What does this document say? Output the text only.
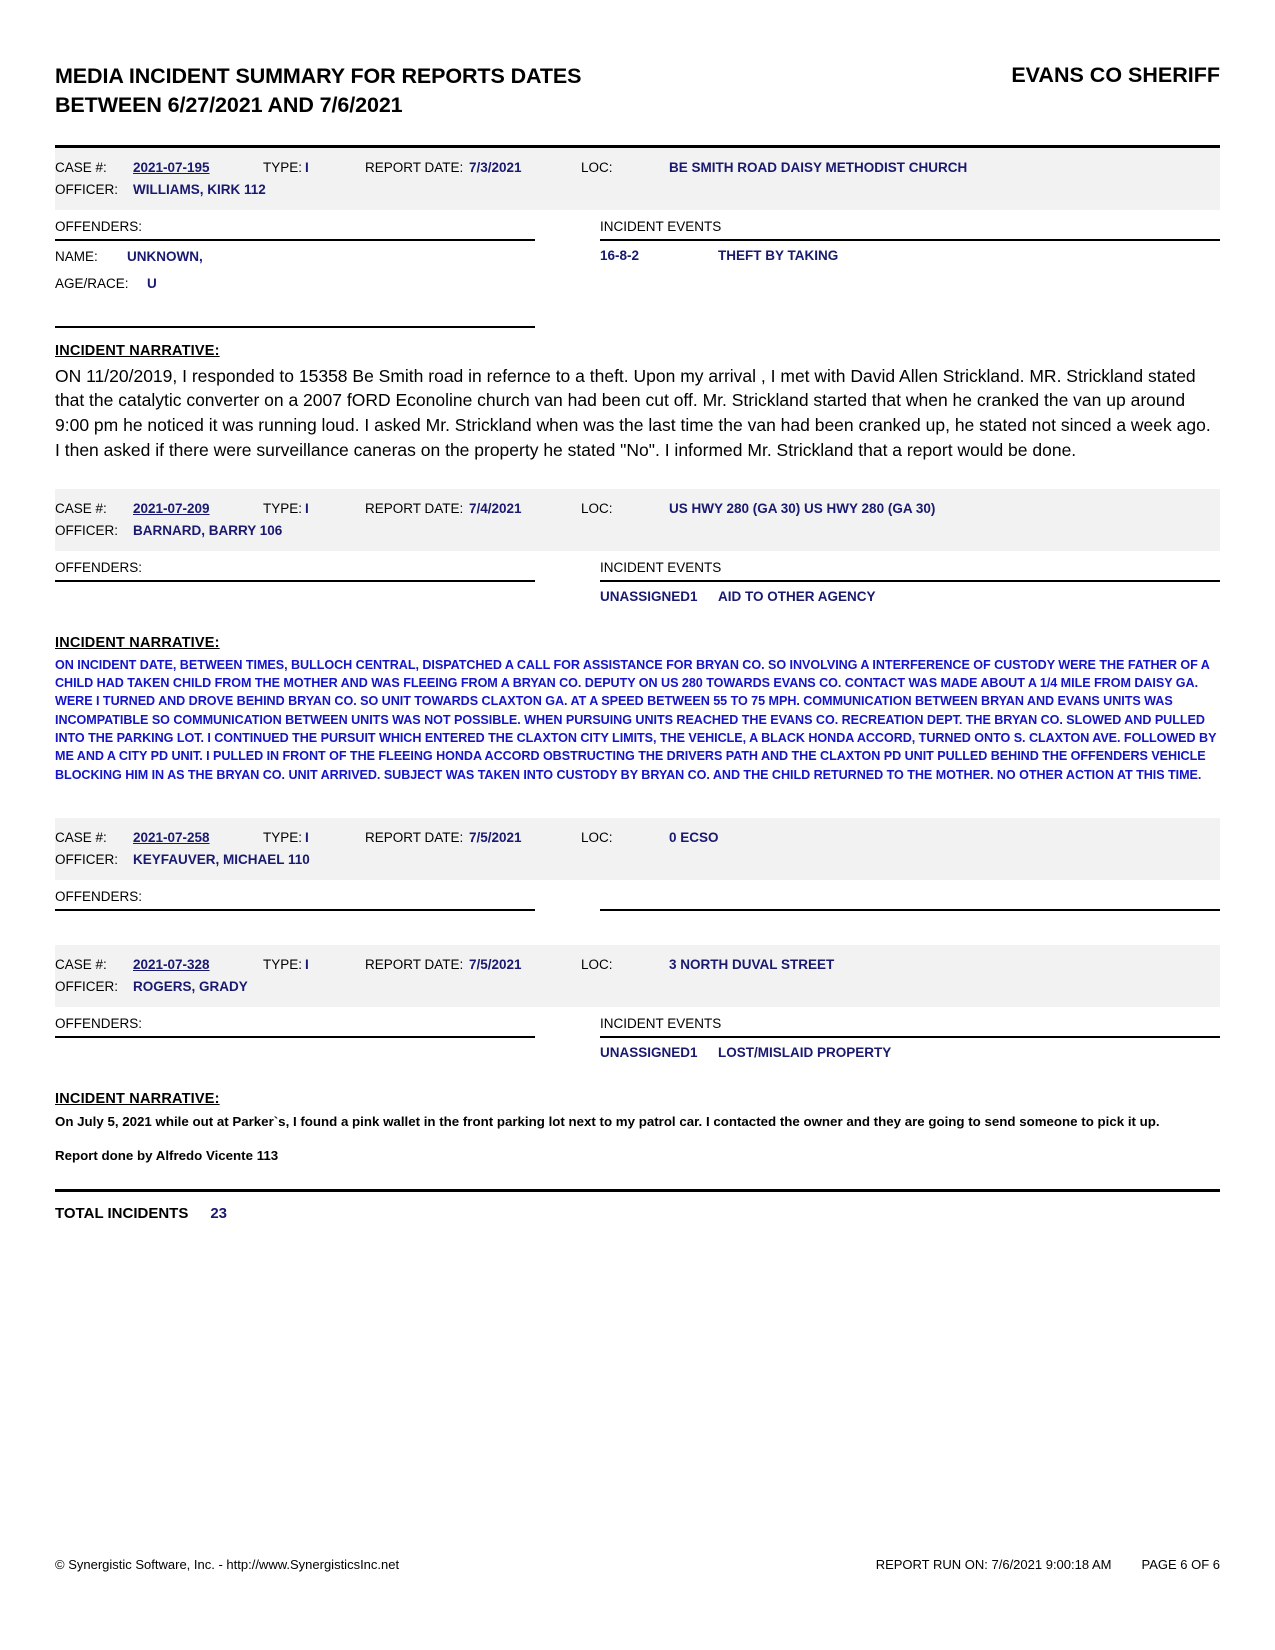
MEDIA INCIDENT SUMMARY FOR REPORTS DATES
BETWEEN 6/27/2021 AND 7/6/2021
EVANS CO SHERIFF
CASE #:	2021-07-195	TYPE: I	REPORT DATE: 7/3/2021	LOC:	BE SMITH ROAD DAISY METHODIST CHURCH
OFFICER:	WILLIAMS, KIRK 112
OFFENDERS:
NAME:	UNKNOWN,
AGE/RACE: U
INCIDENT EVENTS
16-8-2	THEFT BY TAKING
INCIDENT NARRATIVE:
ON 11/20/2019, I responded to 15358 Be Smith road in refernce to a theft. Upon my arrival , I met with David Allen Strickland. MR. Strickland stated that the catalytic converter on a 2007 fORD Econoline church van had been cut off. Mr. Strickland started that when he cranked the van up around 9:00 pm he noticed it was running loud. I asked Mr. Strickland when was the last time the van had been cranked up, he stated not sinced a week ago. I then asked if there were surveillance caneras on the property he stated "No". I informed Mr. Strickland that a report would be done.
CASE #:	2021-07-209	TYPE: I	REPORT DATE: 7/4/2021	LOC:	US HWY 280 (GA 30) US HWY 280 (GA 30)
OFFICER:	BARNARD, BARRY 106
OFFENDERS:	INCIDENT EVENTS
UNASSIGNED1	AID TO OTHER AGENCY
INCIDENT NARRATIVE:
ON INCIDENT DATE, BETWEEN TIMES, BULLOCH CENTRAL, DISPATCHED A CALL FOR ASSISTANCE FOR BRYAN CO. SO INVOLVING A INTERFERENCE OF CUSTODY WERE THE FATHER OF A CHILD HAD TAKEN CHILD FROM THE MOTHER AND WAS FLEEING FROM A BRYAN CO. DEPUTY ON US 280 TOWARDS EVANS CO. CONTACT WAS MADE ABOUT A 1/4 MILE FROM DAISY GA. WERE I TURNED AND DROVE BEHIND BRYAN CO. SO UNIT TOWARDS CLAXTON GA. AT A SPEED BETWEEN 55 TO 75 MPH. COMMUNICATION BETWEEN BRYAN AND EVANS UNITS WAS INCOMPATIBLE SO COMMUNICATION BETWEEN UNITS WAS NOT POSSIBLE. WHEN PURSUING UNITS REACHED THE EVANS CO. RECREATION DEPT. THE BRYAN CO. SLOWED AND PULLED INTO THE PARKING LOT. I CONTINUED THE PURSUIT WHICH ENTERED THE CLAXTON CITY LIMITS, THE VEHICLE, A BLACK HONDA ACCORD, TURNED ONTO S. CLAXTON AVE. FOLLOWED BY ME AND A CITY PD UNIT. I PULLED IN FRONT OF THE FLEEING HONDA ACCORD OBSTRUCTING THE DRIVERS PATH AND THE CLAXTON PD UNIT PULLED BEHIND THE OFFENDERS VEHICLE BLOCKING HIM IN AS THE BRYAN CO. UNIT ARRIVED. SUBJECT WAS TAKEN INTO CUSTODY BY BRYAN CO. AND THE CHILD RETURNED TO THE MOTHER. NO OTHER ACTION AT THIS TIME.
CASE #:	2021-07-258	TYPE: I	REPORT DATE: 7/5/2021	LOC:	0 ECSO
OFFICER:	KEYFAUVER, MICHAEL 110
OFFENDERS:

CASE #:	2021-07-328	TYPE: I	REPORT DATE: 7/5/2021	LOC:	3 NORTH DUVAL STREET
OFFICER:	ROGERS, GRADY
OFFENDERS:	INCIDENT EVENTS
UNASSIGNED1	LOST/MISLAID PROPERTY
INCIDENT NARRATIVE:
On July 5, 2021 while out at Parker`s, I found a pink wallet in the front parking lot next to my patrol car. I contacted the owner and they are going to send someone to pick it up.
Report done by Alfredo Vicente 113
TOTAL INCIDENTS 23
© Synergistic Software, Inc. - http://www.SynergisticsInc.net	REPORT RUN ON: 7/6/2021 9:00:18 AM PAGE 6 OF 6
